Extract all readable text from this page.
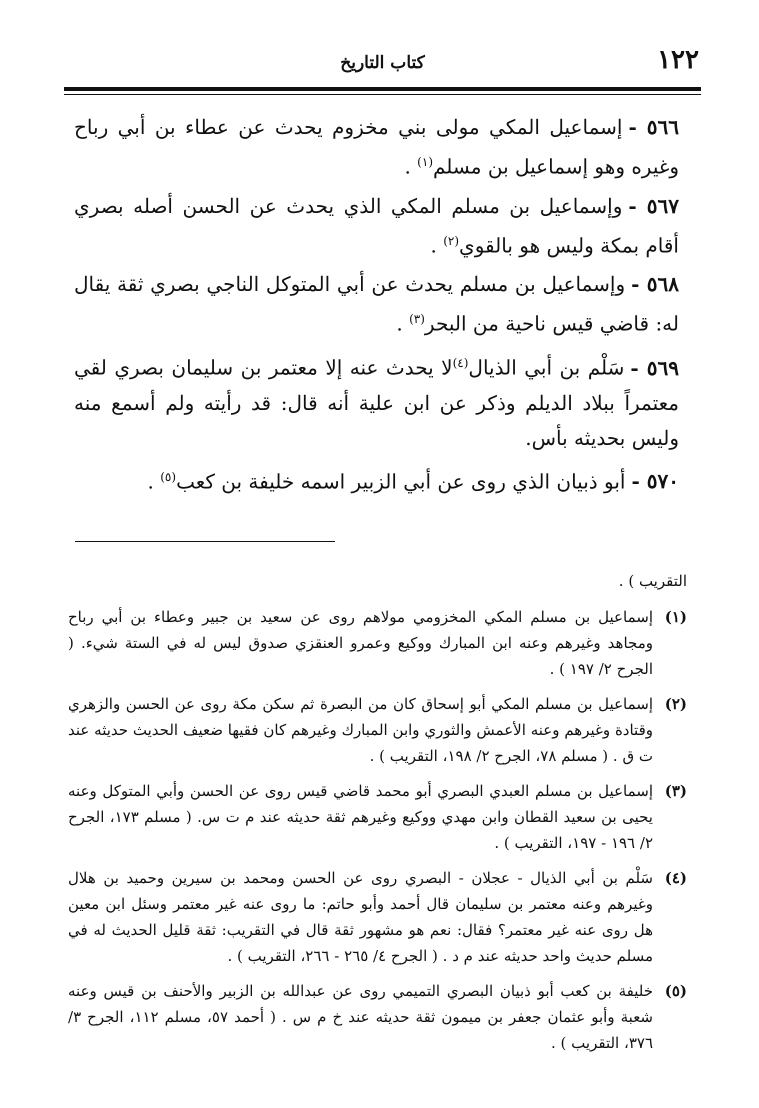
١٢٢
كتاب التاريخ

٥٦٦ -إسماعيل المكي مولى بني مخزوم يحدث عن عطاء بن أبي رباح وغيره وهو إسماعيل بن مسلم$^{(١)}$ .

٥٦٧ -وإسماعيل بن مسلم المكي الذي يحدث عن الحسن أصله بصري أقام بمكة وليس هو بالقوي$^{(٢)}$ .

٥٦٨ -وإسماعيل بن مسلم يحدث عن أبي المتوكل الناجي بصري ثقة يقال له: قاضي قيس ناحية من البحر$^{(٣)}$ .

٥٦٩ -سَلْم بن أبي الذيال$^{(٤)}$لا يحدث عنه إلا معتمر بن سليمان بصري لقي معتمراً ببلاد الديلم وذكر عن ابن علية أنه قال: قد رأيته ولم أسمع منه وليس بحديثه بأس.

٥٧٠ -أبو ذبيان الذي روى عن أبي الزبير اسمه خليفة بن كعب$^{(٥)}$ .

التقريب ) .
(١)
إسماعيل بن مسلم المكي المخزومي مولاهم روى عن سعيد بن جبير وعطاء بن أبي رباح ومجاهد وغيرهم وعنه ابن المبارك ووكيع وعمرو العنقزي صدوق ليس له في الستة شيء. ( الجرح ٢/ ١٩٧ ) .
(٢)
إسماعيل بن مسلم المكي أبو إسحاق كان من البصرة ثم سكن مكة روى عن الحسن والزهري وقتادة وغيرهم وعنه الأعمش والثوري وابن المبارك وغيرهم كان فقيها ضعيف الحديث حديثه عند ت ق . ( مسلم ٧٨، الجرح ٢/ ١٩٨، التقريب ) .
(٣)
إسماعيل بن مسلم العبدي البصري أبو محمد قاضي قيس روى عن الحسن وأبي المتوكل وعنه يحيى بن سعيد القطان وابن مهدي ووكيع وغيرهم ثقة حديثه عند م ت س. ( مسلم ١٧٣، الجرح ٢/ ١٩٦ - ١٩٧، التقريب ) .
(٤)
سَلْم بن أبي الذيال - عجلان - البصري روى عن الحسن ومحمد بن سيرين وحميد بن هلال وغيرهم وعنه معتمر بن سليمان قال أحمد وأبو حاتم: ما روى عنه غير معتمر وسئل ابن معين هل روى عنه غير معتمر؟ فقال: نعم هو مشهور ثقة قال في التقريب: ثقة قليل الحديث له في مسلم حديث واحد حديثه عند م د . ( الجرح ٤/ ٢٦٥ - ٢٦٦، التقريب ) .
(٥)
خليفة بن كعب أبو ذبيان البصري التميمي روى عن عبدالله بن الزبير والأحنف بن قيس وعنه شعبة وأبو عثمان جعفر بن ميمون ثقة حديثه عند خ م س . ( أحمد ٥٧، مسلم ١١٢، الجرح ٣/ ٣٧٦، التقريب ) .
